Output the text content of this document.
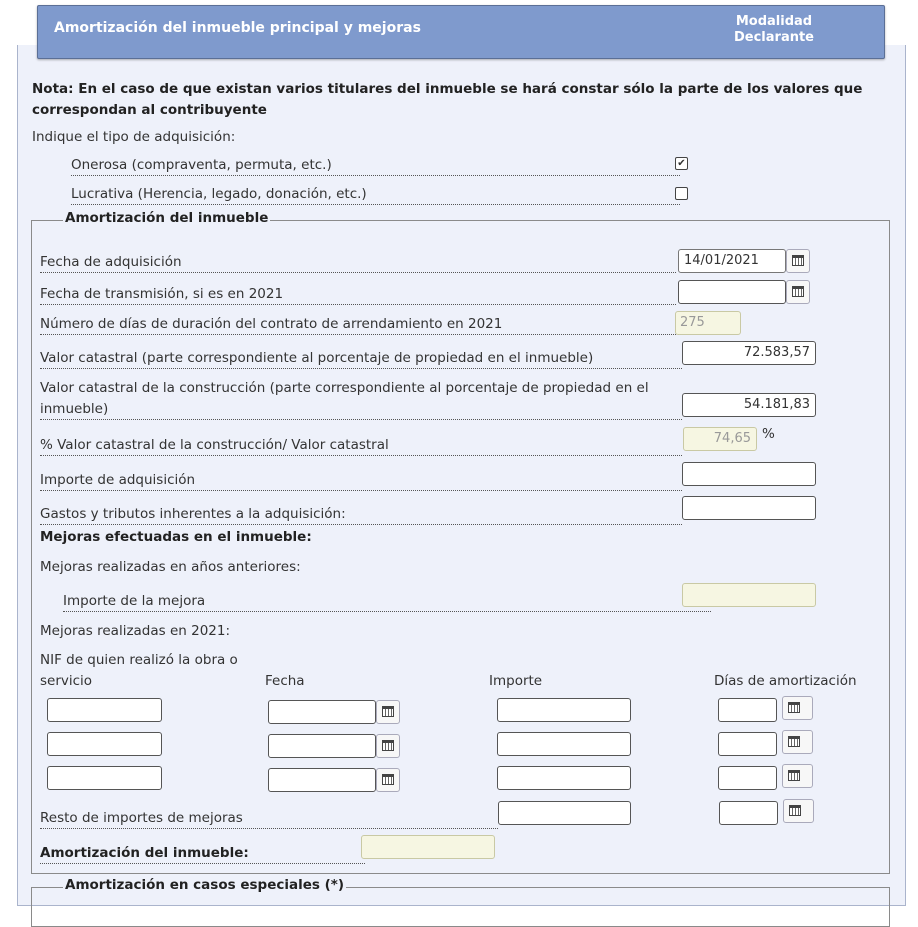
Amortización del inmueble principal y mejoras	Modalidad
Declarante
Nota: En el caso de que existan varios titulares del inmueble se hará constar sólo la parte de los valores que correspondan al contribuyente
Indique el tipo de adquisición:
Onerosa (compraventa, permuta, etc.)	✔
Lucrativa (Herencia, legado, donación, etc.)
Amortización del inmueble
Fecha de adquisición	14/01/2021
Fecha de transmisión, si es en 2021
Número de días de duración del contrato de arrendamiento en 2021	275
Valor catastral (parte correspondiente al porcentaje de propiedad en el inmueble)	72.583,57
Valor catastral de la construcción (parte correspondiente al porcentaje de propiedad en el
inmueble)	54.181,83
% Valor catastral de la construcción/ Valor catastral	74,65 %
Importe de adquisición
Gastos y tributos inherentes a la adquisición:
Mejoras efectuadas en el inmueble:
Mejoras realizadas en años anteriores:
Importe de la mejora
Mejoras realizadas en 2021:
NIF de quien realizó la obra o
servicio	Fecha	Importe	Días de amortización
Resto de importes de mejoras
Amortización del inmueble:
Amortización en casos especiales (*)
